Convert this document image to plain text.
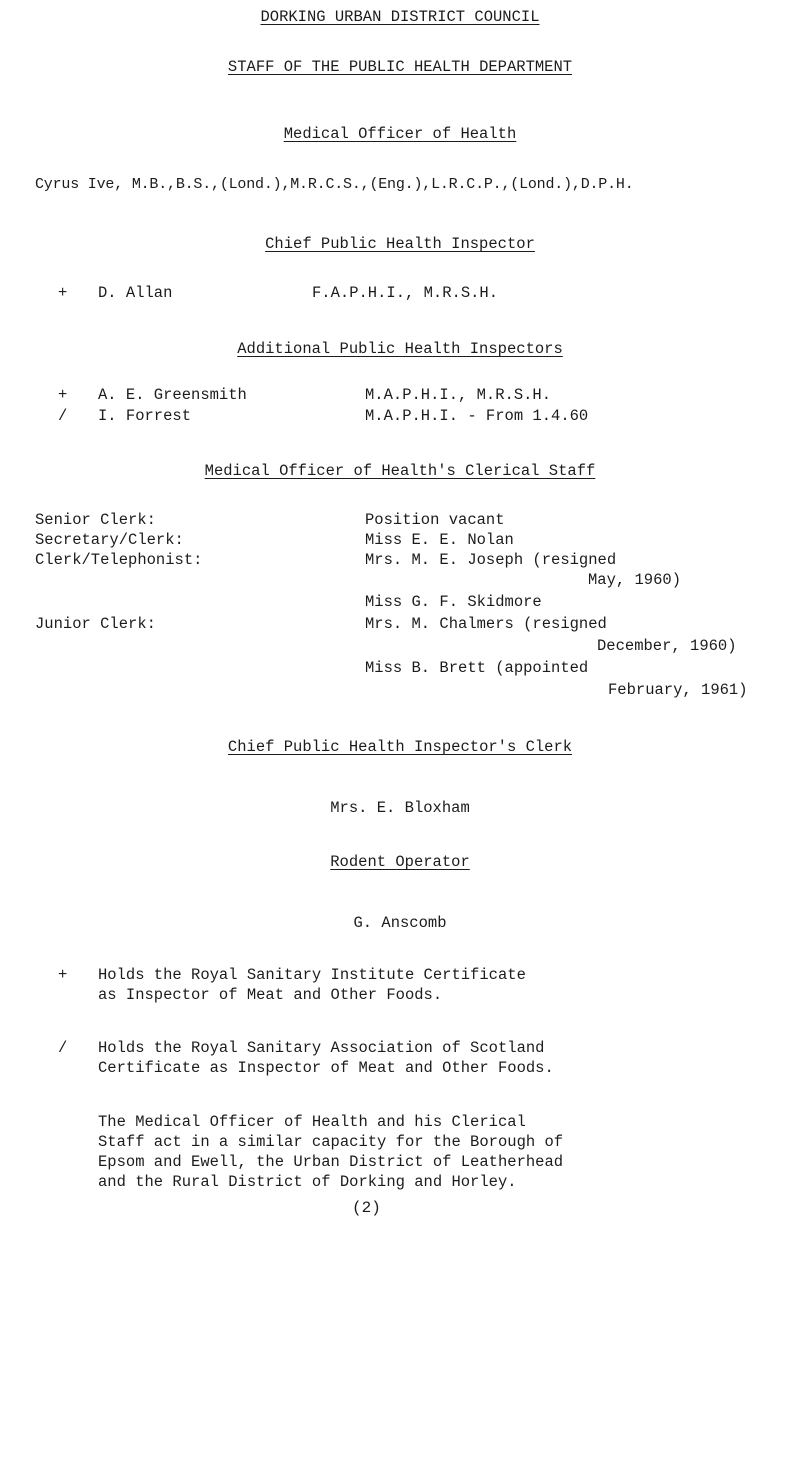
DORKING URBAN DISTRICT COUNCIL
STAFF OF THE PUBLIC HEALTH DEPARTMENT
Medical Officer of Health
Cyrus Ive, M.B.,B.S.,(Lond.),M.R.C.S.,(Eng.),L.R.C.P.,(Lond.),D.P.H.
Chief Public Health Inspector
+ D. Allan	F.A.P.H.I., M.R.S.H.
Additional Public Health Inspectors
+ A. E. Greensmith	M.A.P.H.I., M.R.S.H.
/ I. Forrest	M.A.P.H.I. - From 1.4.60
Medical Officer of Health's Clerical Staff
Senior Clerk:	Position vacant
Secretary/Clerk:	Miss E. E. Nolan
Clerk/Telephonist:	Mrs. M. E. Joseph (resigned
May, 1960)
Miss G. F. Skidmore
Junior Clerk:	Mrs. M. Chalmers (resigned
December, 1960)
Miss B. Brett (appointed
February, 1961)
Chief Public Health Inspector's Clerk
Mrs. E. Bloxham
Rodent Operator
G. Anscomb
+ Holds the Royal Sanitary Institute Certificate
as Inspector of Meat and Other Foods.
/ Holds the Royal Sanitary Association of Scotland
Certificate as Inspector of Meat and Other Foods.
The Medical Officer of Health and his Clerical
Staff act in a similar capacity for the Borough of
Epsom and Ewell, the Urban District of Leatherhead
and the Rural District of Dorking and Horley.
(2)
